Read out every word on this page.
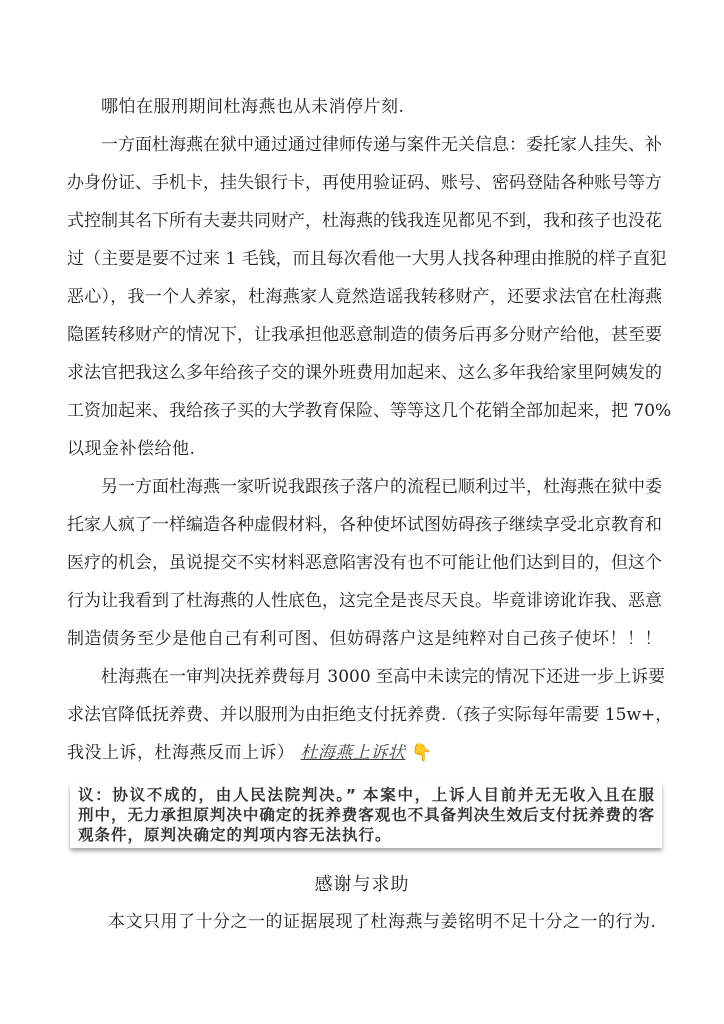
哪怕在服刑期间杜海燕也从未消停片刻.
一方面杜海燕在狱中通过通过律师传递与案件无关信息：委托家人挂失、补
办身份证、手机卡，挂失银行卡，再使用验证码、账号、密码登陆各种账号等方
式控制其名下所有夫妻共同财产，杜海燕的钱我连见都见不到，我和孩子也没花
过（主要是要不过来 1 毛钱，而且每次看他一大男人找各种理由推脱的样子直犯
恶心），我一个人养家，杜海燕家人竟然造谣我转移财产，还要求法官在杜海燕
隐匿转移财产的情况下，让我承担他恶意制造的债务后再多分财产给他，甚至要
求法官把我这么多年给孩子交的课外班费用加起来、这么多年我给家里阿姨发的
工资加起来、我给孩子买的大学教育保险、等等这几个花销全部加起来，把 70%
以现金补偿给他.
另一方面杜海燕一家听说我跟孩子落户的流程已顺利过半，杜海燕在狱中委
托家人疯了一样编造各种虚假材料，各种使坏试图妨碍孩子继续享受北京教育和
医疗的机会，虽说提交不实材料恶意陷害没有也不可能让他们达到目的，但这个
行为让我看到了杜海燕的人性底色，这完全是丧尽天良。毕竟诽谤讹诈我、恶意
制造债务至少是他自己有利可图、但妨碍落户这是纯粹对自己孩子使坏！！！
杜海燕在一审判决抚养费每月 3000 至高中未读完的情况下还进一步上诉要
求法官降低抚养费、并以服刑为由拒绝支付抚养费.（孩子实际每年需要 15w+，
我没上诉，杜海燕反而上诉） 杜海燕上诉状 👇
议：协议不成的，由人民法院判决。” 本案中，上诉人目前并无无收入且在服
刑中，无力承担原判决中确定的抚养费客观也不具备判决生效后支付抚养费的客
观条件，原判决确定的判项内容无法执行。
感谢与求助
本文只用了十分之一的证据展现了杜海燕与姜铭明不足十分之一的行为.
试用水印
